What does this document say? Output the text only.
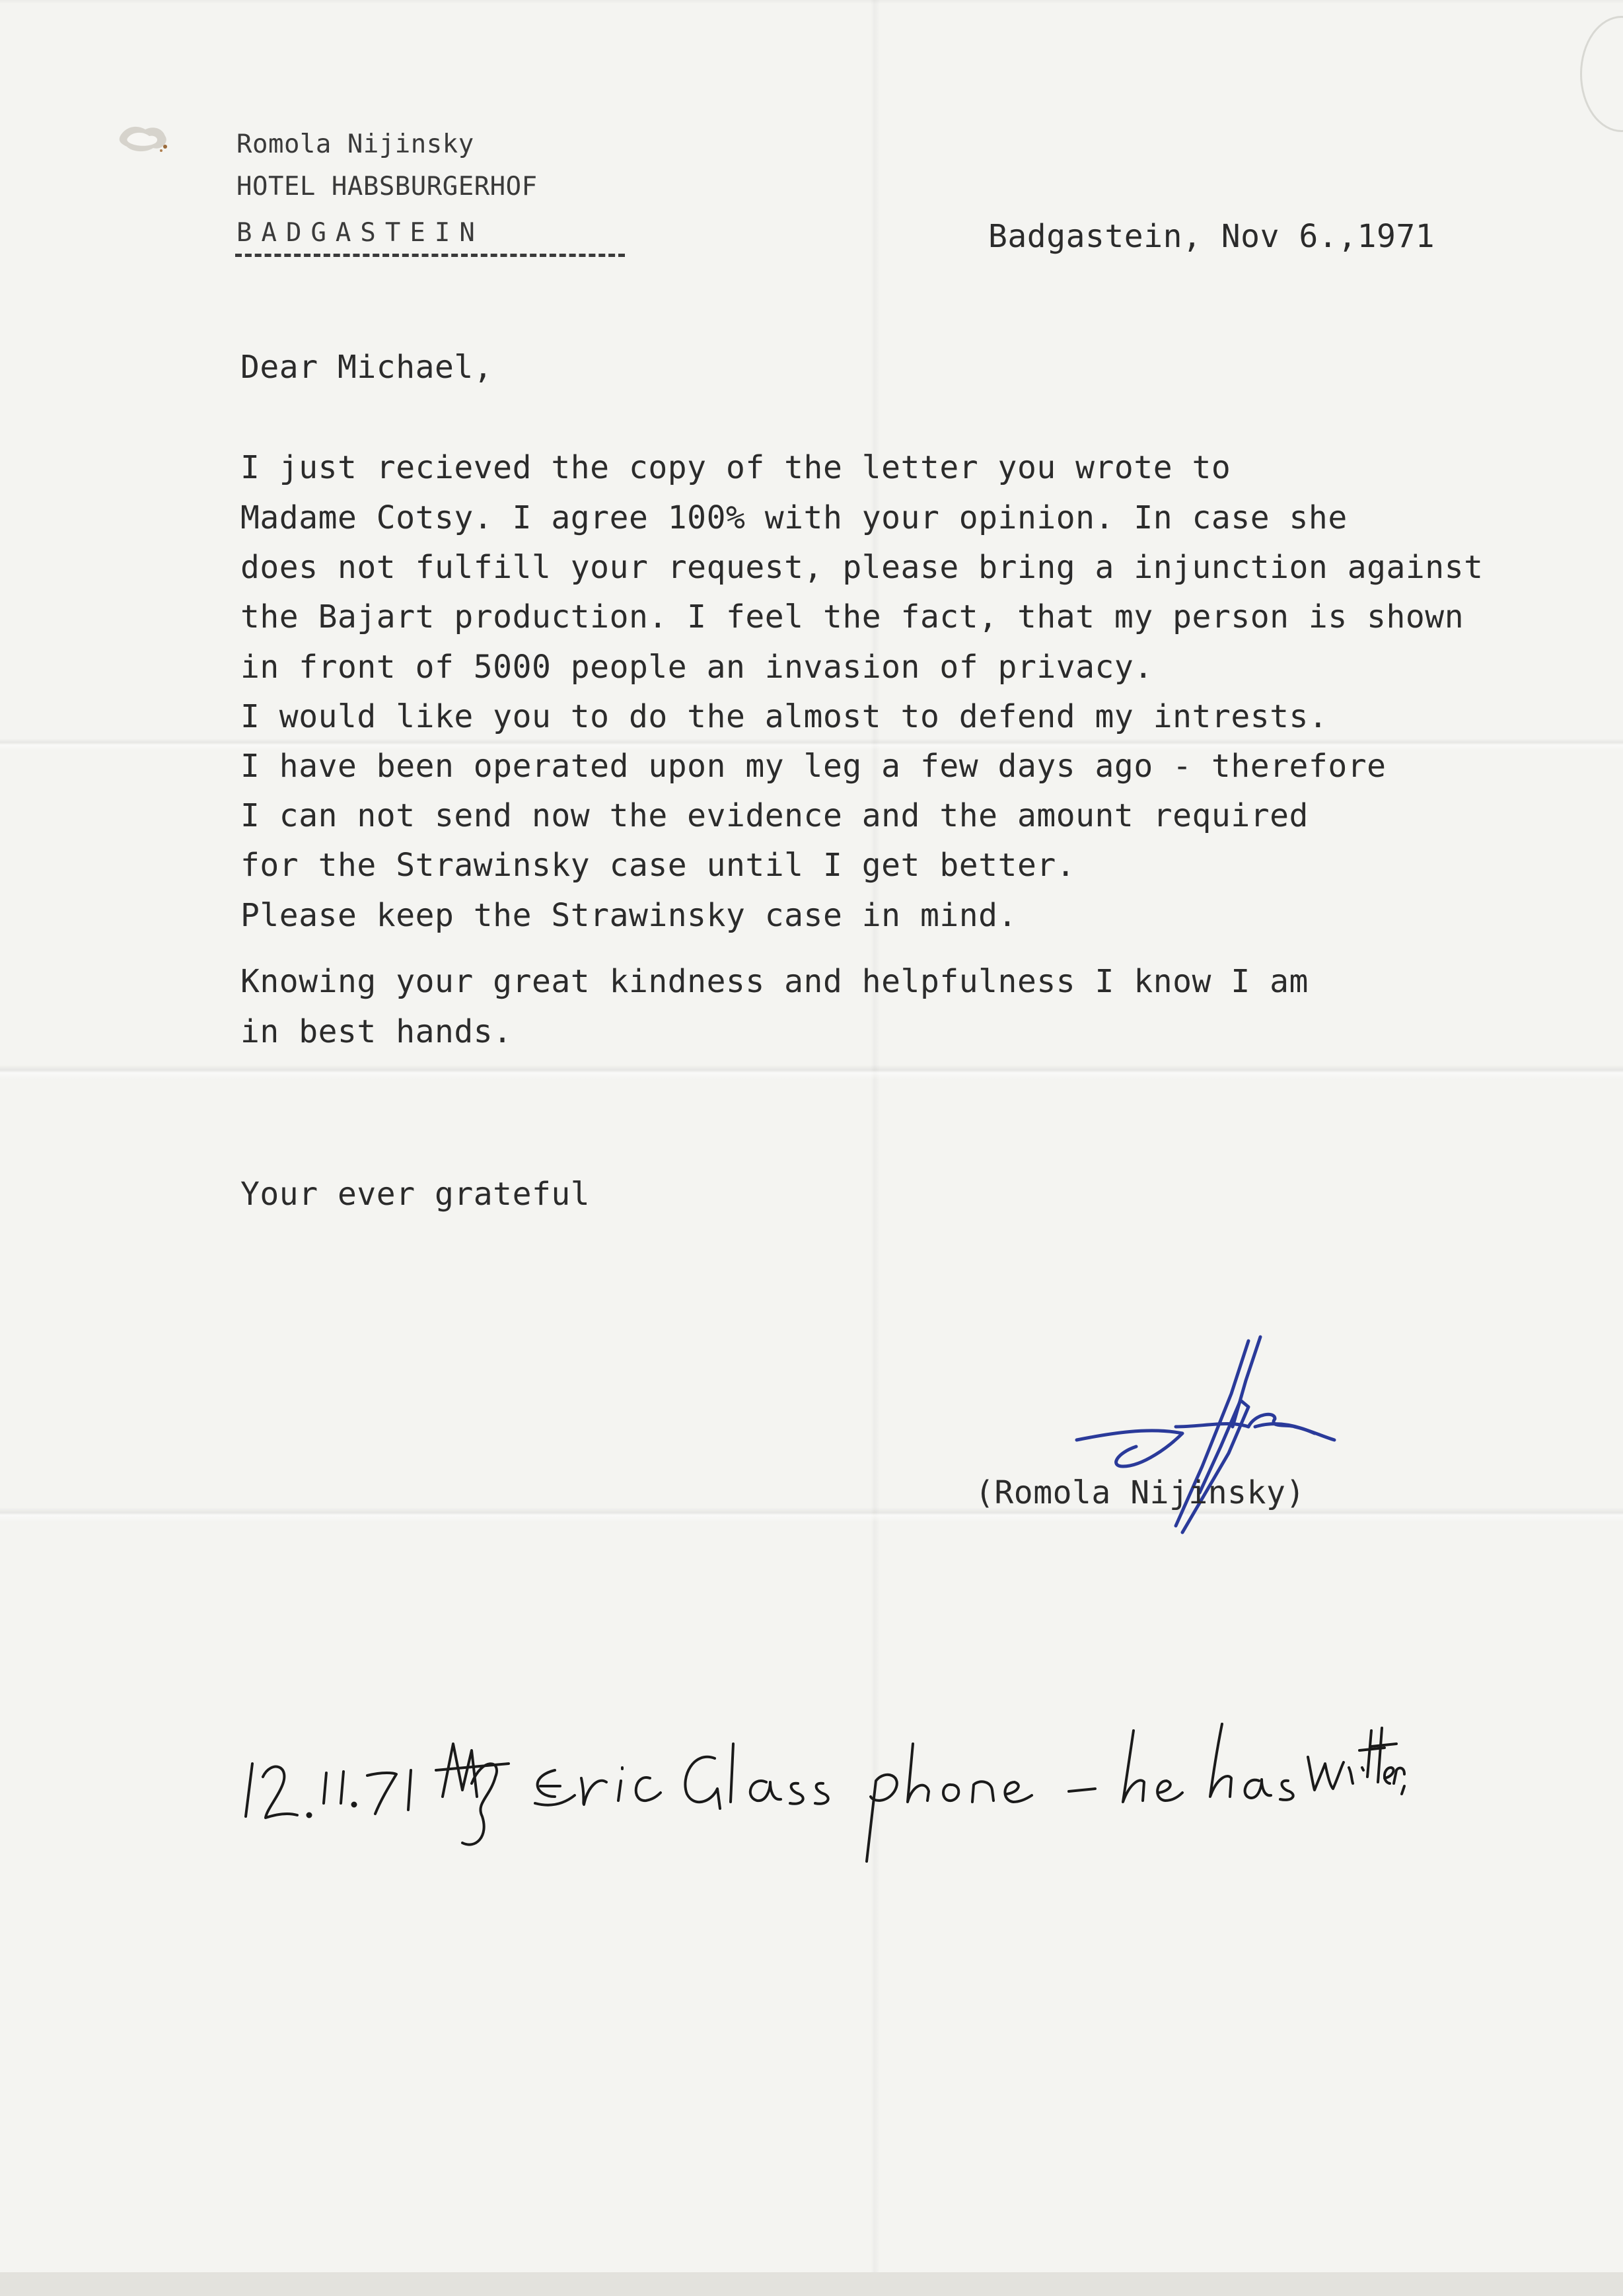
Romola Nijinsky
HOTEL HABSBURGERHOF
BADGASTEIN	Badgastein, Nov 6.,1971
Dear Michael,
I just recieved the copy of the letter you wrote to
Madame Cotsy. I agree 100% with your opinion. In case she
does not fulfill your request, please bring a injunction against
the Bajart production. I feel the fact, that my person is shown
in front of 5000 people an invasion of privacy.
I would like you to do the almost to defend my intrests.
I have been operated upon my leg a few days ago - therefore
I can not send now the evidence and the amount required
for the Strawinsky case until I get better.
Please keep the Strawinsky case in mind.
Knowing your great kindness and helpfulness I know I am
in best hands.
Your ever grateful
(Romola Nijinsky)
